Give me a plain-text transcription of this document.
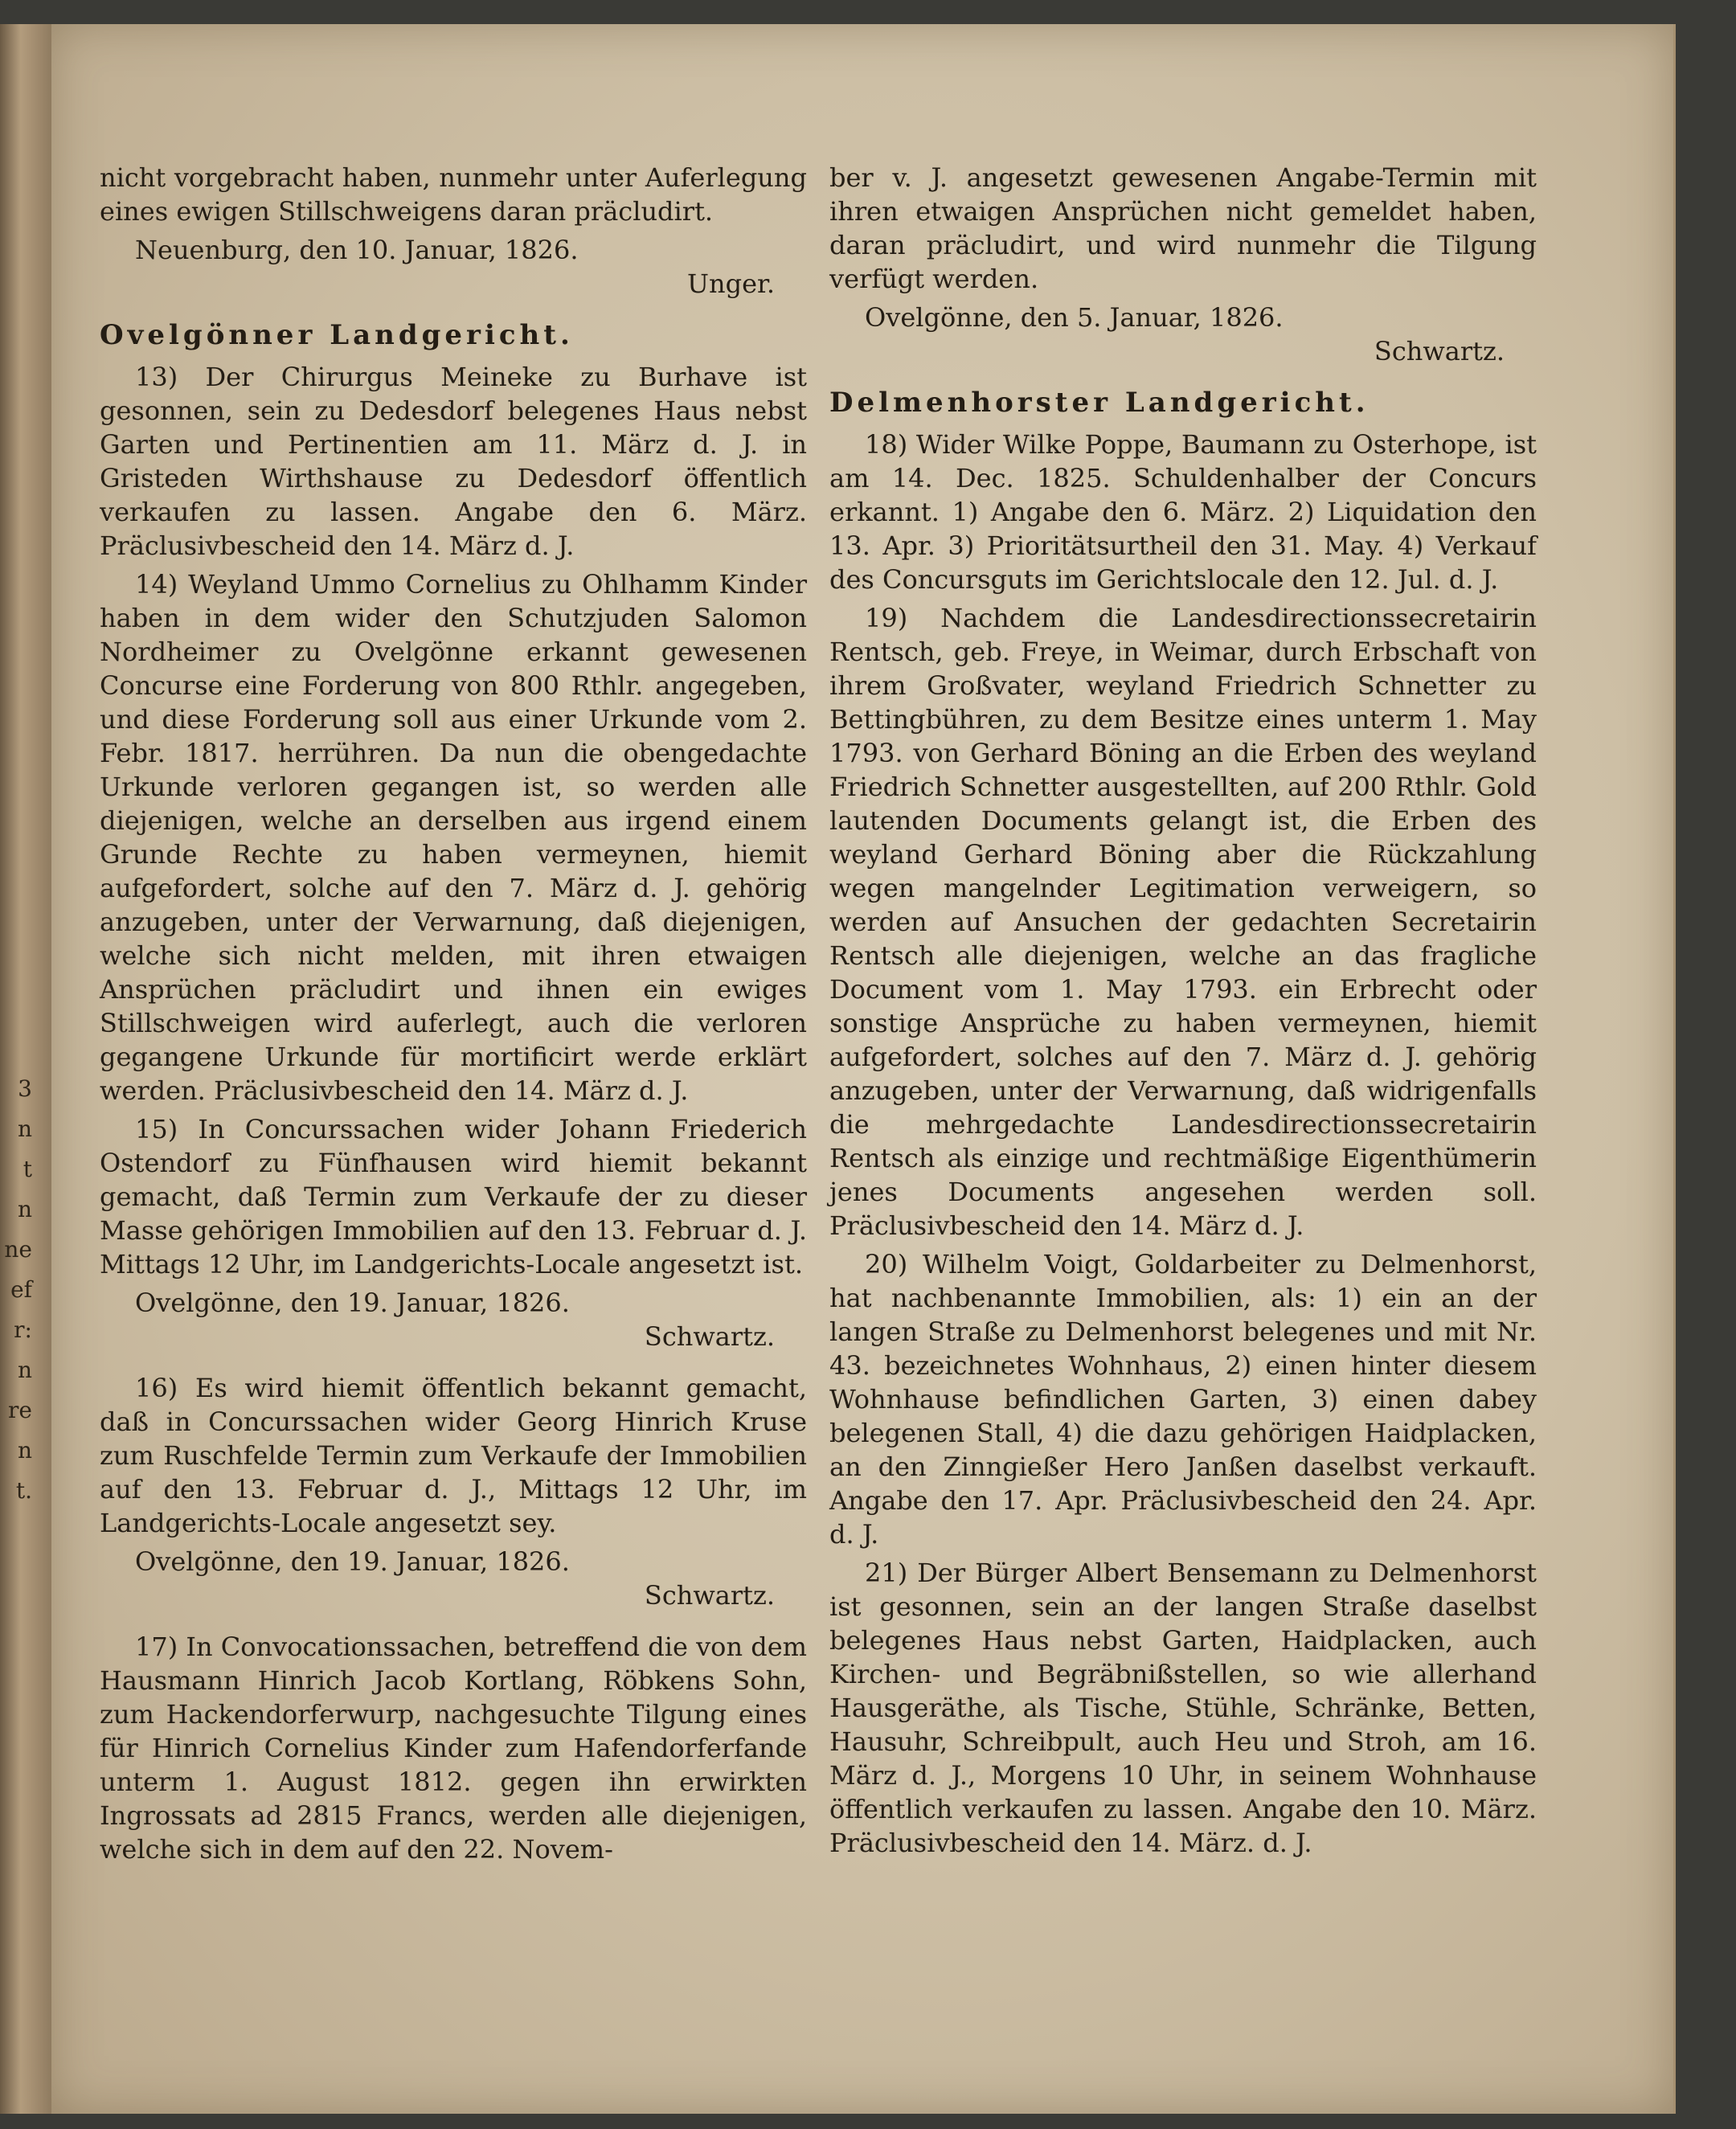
3
n
t
n
ne
ef
r:
n
re
n
t.

nicht vorgebracht haben, nunmehr unter Auferlegung eines ewigen Stillschweigens daran präcludirt.

Neuenburg, den 10. Januar, 1826.

Unger.

Ovelgönner Landgericht.

13) Der Chirurgus Meineke zu Burhave ist gesonnen, sein zu Dedesdorf belegenes Haus nebst Garten und Pertinentien am 11. März d. J. in Gristeden Wirthshause zu Dedesdorf öffentlich verkaufen zu lassen. Angabe den 6. März. Präclusivbescheid den 14. März d. J.

14) Weyland Ummo Cornelius zu Ohlhamm Kinder haben in dem wider den Schutzjuden Salomon Nordheimer zu Ovelgönne erkannt gewesenen Concurse eine Forderung von 800 Rthlr. angegeben, und diese Forderung soll aus einer Urkunde vom 2. Febr. 1817. herrühren. Da nun die obengedachte Urkunde verloren gegangen ist, so werden alle diejenigen, welche an derselben aus irgend einem Grunde Rechte zu haben vermeynen, hiemit aufgefordert, solche auf den 7. März d. J. gehörig anzugeben, unter der Verwarnung, daß diejenigen, welche sich nicht melden, mit ihren etwaigen Ansprüchen präcludirt und ihnen ein ewiges Stillschweigen wird auferlegt, auch die verloren gegangene Urkunde für mortificirt werde erklärt werden. Präclusivbescheid den 14. März d. J.

15) In Concurssachen wider Johann Friederich Ostendorf zu Fünfhausen wird hiemit bekannt gemacht, daß Termin zum Verkaufe der zu dieser Masse gehörigen Immobilien auf den 13. Februar d. J. Mittags 12 Uhr, im Landgerichts-Locale angesetzt ist.

Ovelgönne, den 19. Januar, 1826.

Schwartz.

16) Es wird hiemit öffentlich bekannt gemacht, daß in Concurssachen wider Georg Hinrich Kruse zum Ruschfelde Termin zum Verkaufe der Immobilien auf den 13. Februar d. J., Mittags 12 Uhr, im Landgerichts-Locale angesetzt sey.

Ovelgönne, den 19. Januar, 1826.

Schwartz.

17) In Convocationssachen, betreffend die von dem Hausmann Hinrich Jacob Kortlang, Röbkens Sohn, zum Hackendorferwurp, nachgesuchte Tilgung eines für Hinrich Cornelius Kinder zum Hafendorferfande unterm 1. August 1812. gegen ihn erwirkten Ingrossats ad 2815 Francs, werden alle diejenigen, welche sich in dem auf den 22. Novem-

ber v. J. angesetzt gewesenen Angabe-Termin mit ihren etwaigen Ansprüchen nicht gemeldet haben, daran präcludirt, und wird nunmehr die Tilgung verfügt werden.

Ovelgönne, den 5. Januar, 1826.

Schwartz.

Delmenhorster Landgericht.

18) Wider Wilke Poppe, Baumann zu Osterhope, ist am 14. Dec. 1825. Schuldenhalber der Concurs erkannt. 1) Angabe den 6. März. 2) Liquidation den 13. Apr. 3) Prioritätsurtheil den 31. May. 4) Verkauf des Concursguts im Gerichtslocale den 12. Jul. d. J.

19) Nachdem die Landesdirectionssecretairin Rentsch, geb. Freye, in Weimar, durch Erbschaft von ihrem Großvater, weyland Friedrich Schnetter zu Bettingbühren, zu dem Besitze eines unterm 1. May 1793. von Gerhard Böning an die Erben des weyland Friedrich Schnetter ausgestellten, auf 200 Rthlr. Gold lautenden Documents gelangt ist, die Erben des weyland Gerhard Böning aber die Rückzahlung wegen mangelnder Legitimation verweigern, so werden auf Ansuchen der gedachten Secretairin Rentsch alle diejenigen, welche an das fragliche Document vom 1. May 1793. ein Erbrecht oder sonstige Ansprüche zu haben vermeynen, hiemit aufgefordert, solches auf den 7. März d. J. gehörig anzugeben, unter der Verwarnung, daß widrigenfalls die mehrgedachte Landesdirectionssecretairin Rentsch als einzige und rechtmäßige Eigenthümerin jenes Documents angesehen werden soll. Präclusivbescheid den 14. März d. J.

20) Wilhelm Voigt, Goldarbeiter zu Delmenhorst, hat nachbenannte Immobilien, als: 1) ein an der langen Straße zu Delmenhorst belegenes und mit Nr. 43. bezeichnetes Wohnhaus, 2) einen hinter diesem Wohnhause befindlichen Garten, 3) einen dabey belegenen Stall, 4) die dazu gehörigen Haidplacken, an den Zinngießer Hero Janßen daselbst verkauft. Angabe den 17. Apr. Präclusivbescheid den 24. Apr. d. J.

21) Der Bürger Albert Bensemann zu Delmenhorst ist gesonnen, sein an der langen Straße daselbst belegenes Haus nebst Garten, Haidplacken, auch Kirchen- und Begräbnißstellen, so wie allerhand Hausgeräthe, als Tische, Stühle, Schränke, Betten, Hausuhr, Schreibpult, auch Heu und Stroh, am 16. März d. J., Morgens 10 Uhr, in seinem Wohnhause öffentlich verkaufen zu lassen. Angabe den 10. März. Präclusivbescheid den 14. März. d. J.
